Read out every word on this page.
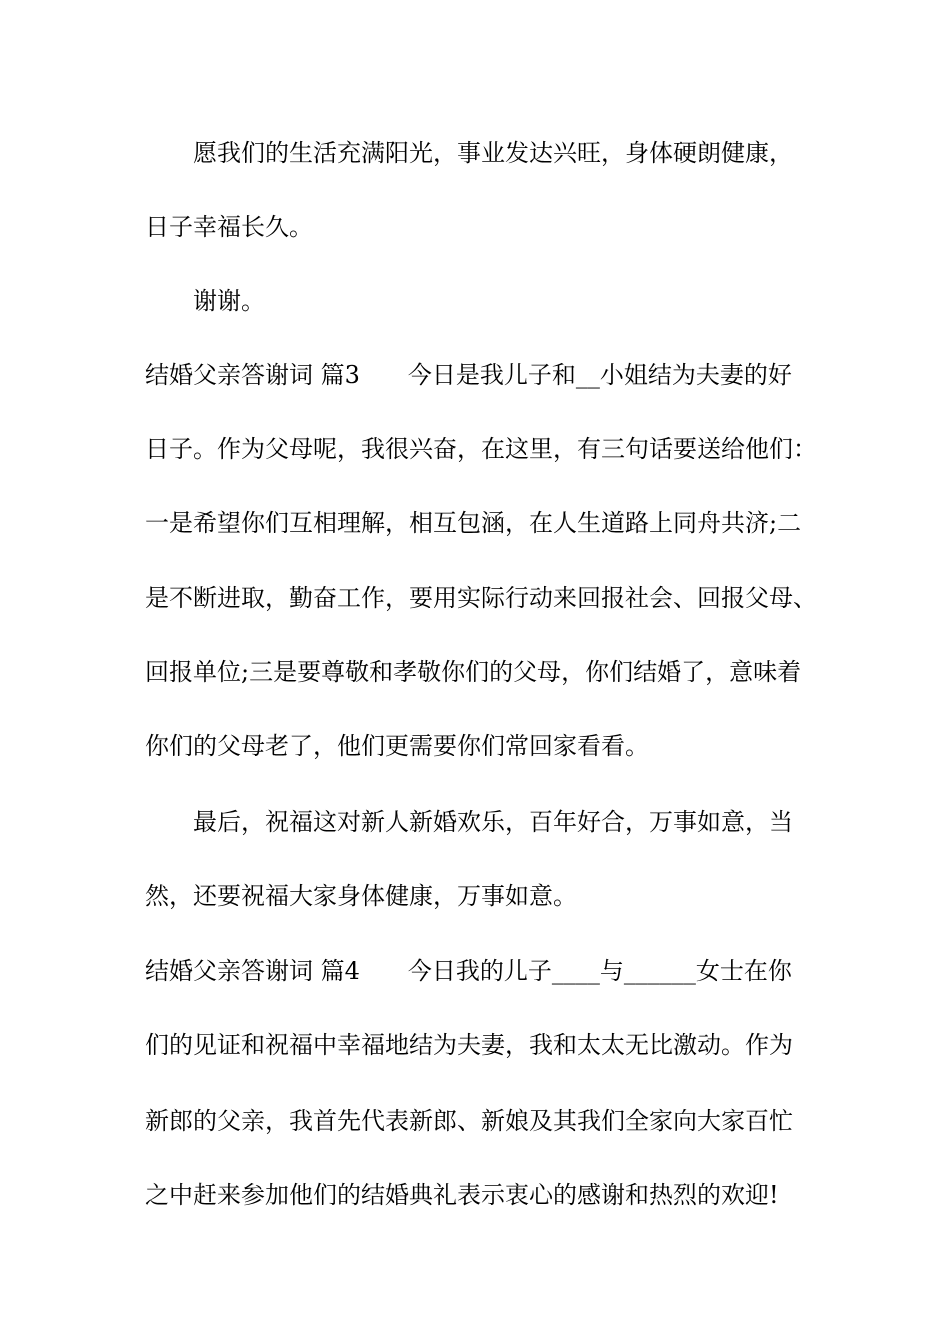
愿我们的生活充满阳光，事业发达兴旺，身体硬朗健康，
日子幸福长久。
谢谢。
结婚父亲答谢词 篇3 今日是我儿子和__小姐结为夫妻的好
日子。作为父母呢，我很兴奋，在这里，有三句话要送给他们：
一是希望你们互相理解，相互包涵，在人生道路上同舟共济;二
是不断进取，勤奋工作，要用实际行动来回报社会、回报父母、
回报单位;三是要尊敬和孝敬你们的父母，你们结婚了，意味着
你们的父母老了，他们更需要你们常回家看看。
最后，祝福这对新人新婚欢乐，百年好合，万事如意，当
然，还要祝福大家身体健康，万事如意。
结婚父亲答谢词 篇4 今日我的儿子____与______女士在你
们的见证和祝福中幸福地结为夫妻，我和太太无比激动。作为
新郎的父亲，我首先代表新郎、新娘及其我们全家向大家百忙
之中赶来参加他们的结婚典礼表示衷心的感谢和热烈的欢迎!
